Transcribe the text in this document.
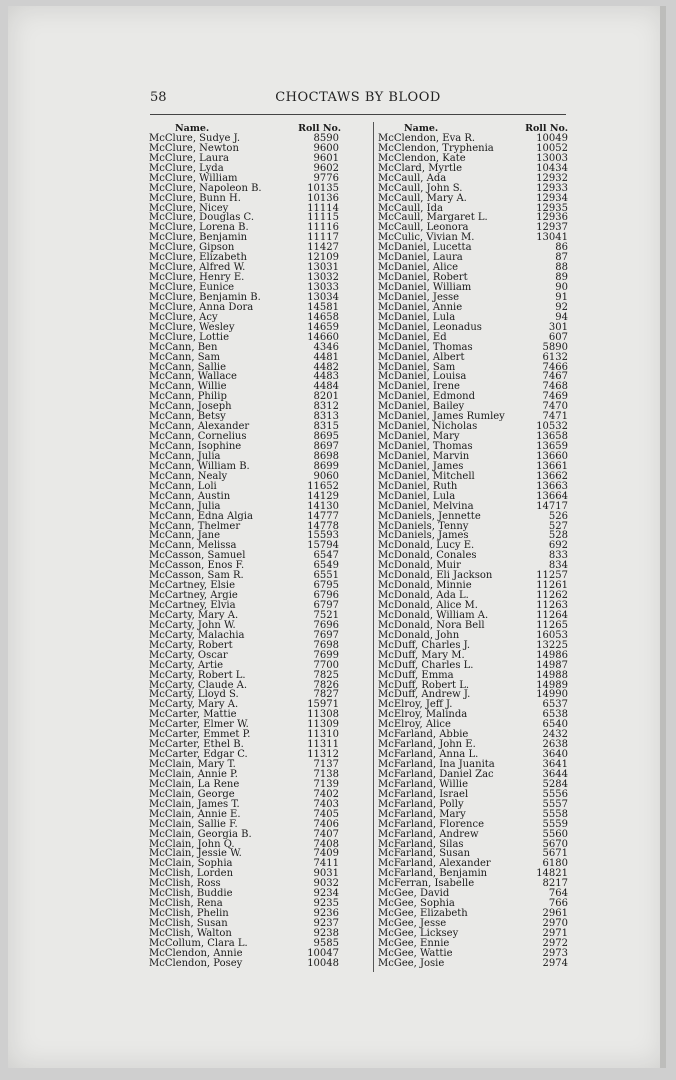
58	CHOCTAWS BY BLOOD
Name.	Roll No.
McClure, Sudye J.	8590
McClure, Newton	9600
McClure, Laura	9601
McClure, Lyda	9602
McClure, William	9776
McClure, Napoleon B.	10135
McClure, Bunn H.	10136
McClure, Nicey	11114
McClure, Douglas C.	11115
McClure, Lorena B.	11116
McClure, Benjamin	11117
McClure, Gipson	11427
McClure, Elizabeth	12109
McClure, Alfred W.	13031
McClure, Henry E.	13032
McClure, Eunice	13033
McClure, Benjamin B.	13034
McClure, Anna Dora	14581
McClure, Acy	14658
McClure, Wesley	14659
McClure, Lottie	14660
McCann, Ben	4346
McCann, Sam	4481
McCann, Sallie	4482
McCann, Wallace	4483
McCann, Willie	4484
McCann, Philip	8201
McCann, Joseph	8312
McCann, Betsy	8313
McCann, Alexander	8315
McCann, Cornelius	8695
McCann, Isophine	8697
McCann, Julia	8698
McCann, William B.	8699
McCann, Nealy	9060
McCann, Loli	11652
McCann, Austin	14129
McCann, Julia	14130
McCann, Edna Algia	14777
McCann, Thelmer	14778
McCann, Jane	15593
McCann, Melissa	15794
McCasson, Samuel	6547
McCasson, Enos F.	6549
McCasson, Sam R.	6551
McCartney, Elsie	6795
McCartney, Argie	6796
McCartney, Elvia	6797
McCarty, Mary A.	7521
McCarty, John W.	7696
McCarty, Malachia	7697
McCarty, Robert	7698
McCarty, Oscar	7699
McCarty, Artie	7700
McCarty, Robert L.	7825
McCarty, Claude A.	7826
McCarty, Lloyd S.	7827
McCarty, Mary A.	15971
McCarter, Mattie	11308
McCarter, Elmer W.	11309
McCarter, Emmet P.	11310
McCarter, Ethel B.	11311
McCarter, Edgar C.	11312
McClain, Mary T.	7137
McClain, Annie P.	7138
McClain, La Rene	7139
McClain, George	7402
McClain, James T.	7403
McClain, Annie E.	7405
McClain, Sallie F.	7406
McClain, Georgia B.	7407
McClain, John Q.	7408
McClain, Jessie W.	7409
McClain, Sophia	7411
McClish, Lorden	9031
McClish, Ross	9032
McClish, Buddie	9234
McClish, Rena	9235
McClish, Phelin	9236
McClish, Susan	9237
McClish, Walton	9238
McCollum, Clara L.	9585
McClendon, Annie	10047
McClendon, Posey	10048
Name.	Roll No.
McClendon, Eva R.	10049
McClendon, Tryphenia	10052
McClendon, Kate	13003
McClard, Myrtle	10434
McCaull, Ada	12932
McCaull, John S.	12933
McCaull, Mary A.	12934
McCaull, Ida	12935
McCaull, Margaret L.	12936
McCaull, Leonora	12937
McCulic, Vivian M.	13041
McDaniel, Lucetta	86
McDaniel, Laura	87
McDaniel, Alice	88
McDaniel, Robert	89
McDaniel, William	90
McDaniel, Jesse	91
McDaniel, Annie	92
McDaniel, Lula	94
McDaniel, Leonadus	301
McDaniel, Ed	607
McDaniel, Thomas	5890
McDaniel, Albert	6132
McDaniel, Sam	7466
McDaniel, Louisa	7467
McDaniel, Irene	7468
McDaniel, Edmond	7469
McDaniel, Bailey	7470
McDaniel, James Rumley	7471
McDaniel, Nicholas	10532
McDaniel, Mary	13658
McDaniel, Thomas	13659
McDaniel, Marvin	13660
McDaniel, James	13661
McDaniel, Mitchell	13662
McDaniel, Ruth	13663
McDaniel, Lula	13664
McDaniel, Melvina	14717
McDaniels, Jennette	526
McDaniels, Tenny	527
McDaniels, James	528
McDonald, Lucy E.	692
McDonald, Conales	833
McDonald, Muir	834
McDonald, Eli Jackson	11257
McDonald, Minnie	11261
McDonald, Ada L.	11262
McDonald, Alice M.	11263
McDonald, William A.	11264
McDonald, Nora Bell	11265
McDonald, John	16053
McDuff, Charles J.	13225
McDuff, Mary M.	14986
McDuff, Charles L.	14987
McDuff, Emma	14988
McDuff, Robert L.	14989
McDuff, Andrew J.	14990
McElroy, Jeff J.	6537
McElroy, Malinda	6538
McElroy, Alice	6540
McFarland, Abbie	2432
McFarland, John E.	2638
McFarland, Anna L.	3640
McFarland, Ina Juanita	3641
McFarland, Daniel Zac	3644
McFarland, Willie	5284
McFarland, Israel	5556
McFarland, Polly	5557
McFarland, Mary	5558
McFarland, Florence	5559
McFarland, Andrew	5560
McFarland, Silas	5670
McFarland, Susan	5671
McFarland, Alexander	6180
McFarland, Benjamin	14821
McFerran, Isabelle	8217
McGee, David	764
McGee, Sophia	766
McGee, Elizabeth	2961
McGee, Jesse	2970
McGee, Licksey	2971
McGee, Ennie	2972
McGee, Wattie	2973
McGee, Josie	2974
